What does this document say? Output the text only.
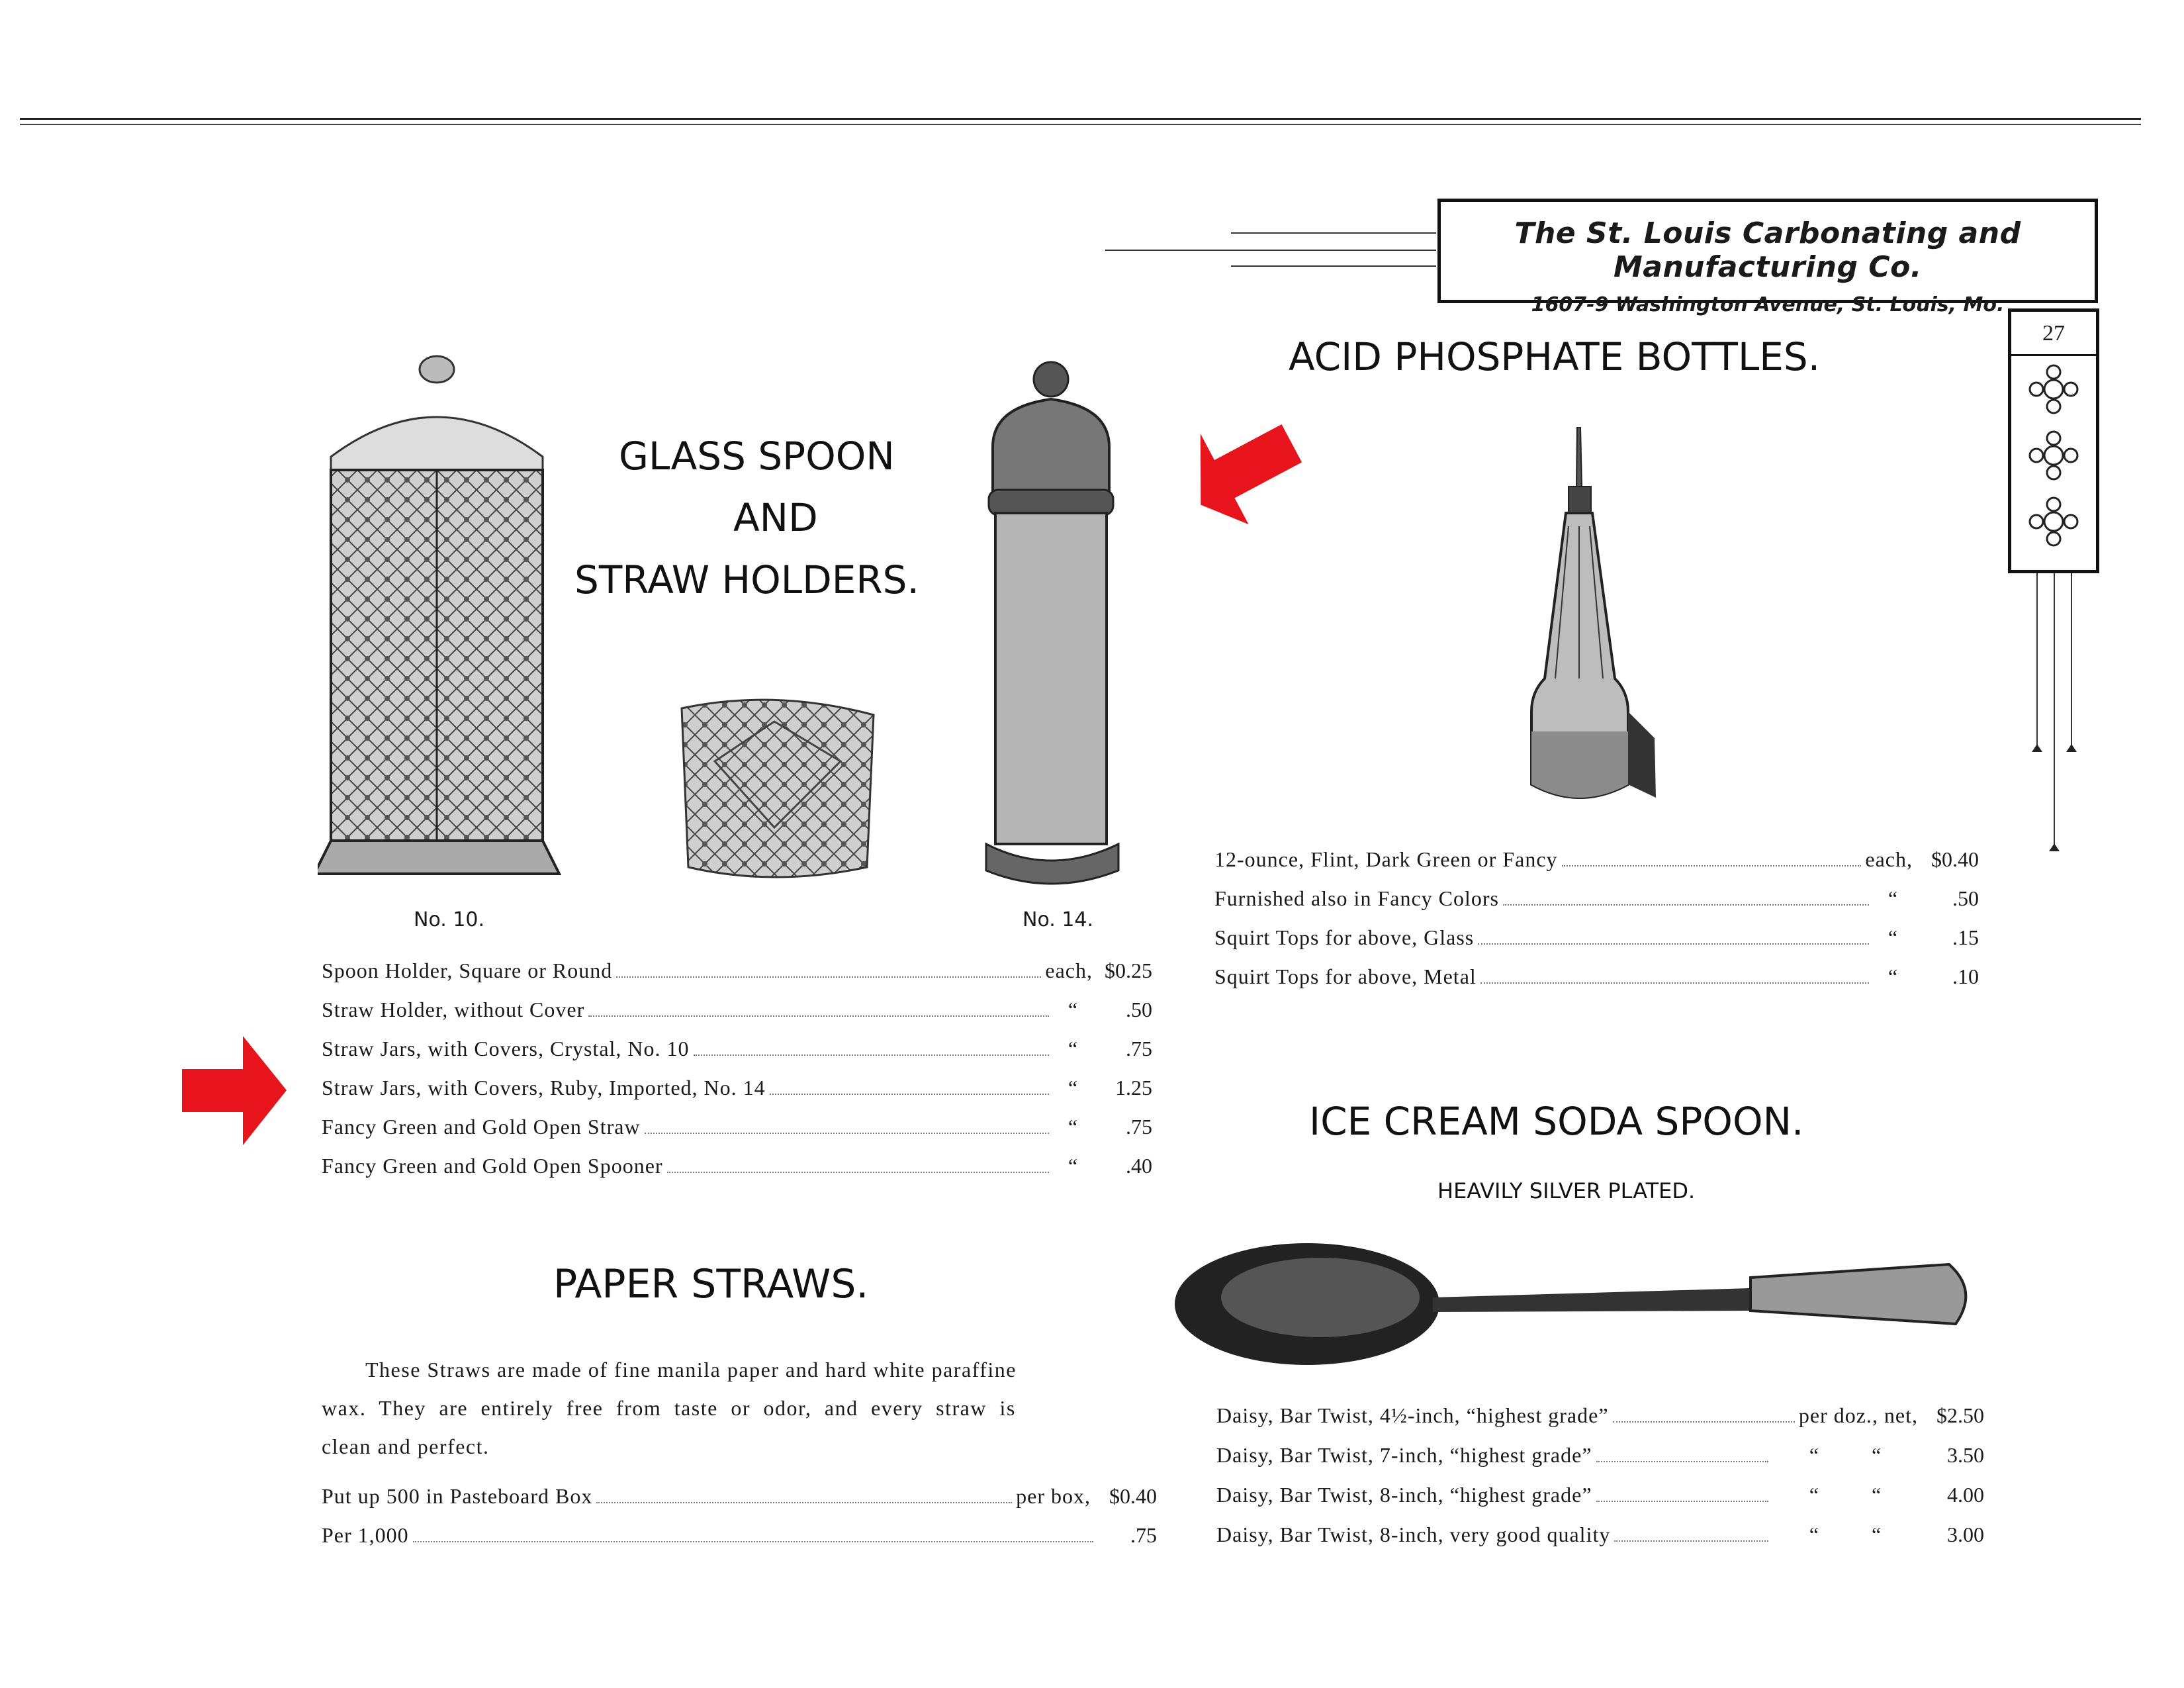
The St. Louis Carbonating and Manufacturing Co.
1607-9 Washington Avenue, St. Louis, Mo.
27
GLASS SPOON
AND
STRAW HOLDERS.
No. 10.	No. 14.
Spoon Holder, Square or Round	each, $0.25
Straw Holder, without Cover	“	.50
Straw Jars, with Covers, Crystal, No. 10	“	.75
Straw Jars, with Covers, Ruby, Imported, No. 14	“	1.25
Fancy Green and Gold Open Straw	“	.75
Fancy Green and Gold Open Spooner	“	.40
PAPER STRAWS.
These Straws are made of fine manila paper and hard white paraffine
wax. They are entirely free from taste or odor, and every straw is
clean and perfect.
Put up 500 in Pasteboard Box	per box, $0.40
Per 1,000	.75
ACID PHOSPHATE BOTTLES.
12-ounce, Flint, Dark Green or Fancy	each, $0.40
Furnished also in Fancy Colors	“	.50
Squirt Tops for above, Glass	“	.15
Squirt Tops for above, Metal	“	.10
ICE CREAM SODA SPOON.
HEAVILY SILVER PLATED.
Daisy, Bar Twist, 4½-inch, “highest grade”	per doz., net, $2.50
Daisy, Bar Twist, 7-inch, “highest grade”	“          “	3.50
Daisy, Bar Twist, 8-inch, “highest grade”	“          “	4.00
Daisy, Bar Twist, 8-inch, very good quality	“          “	3.00
